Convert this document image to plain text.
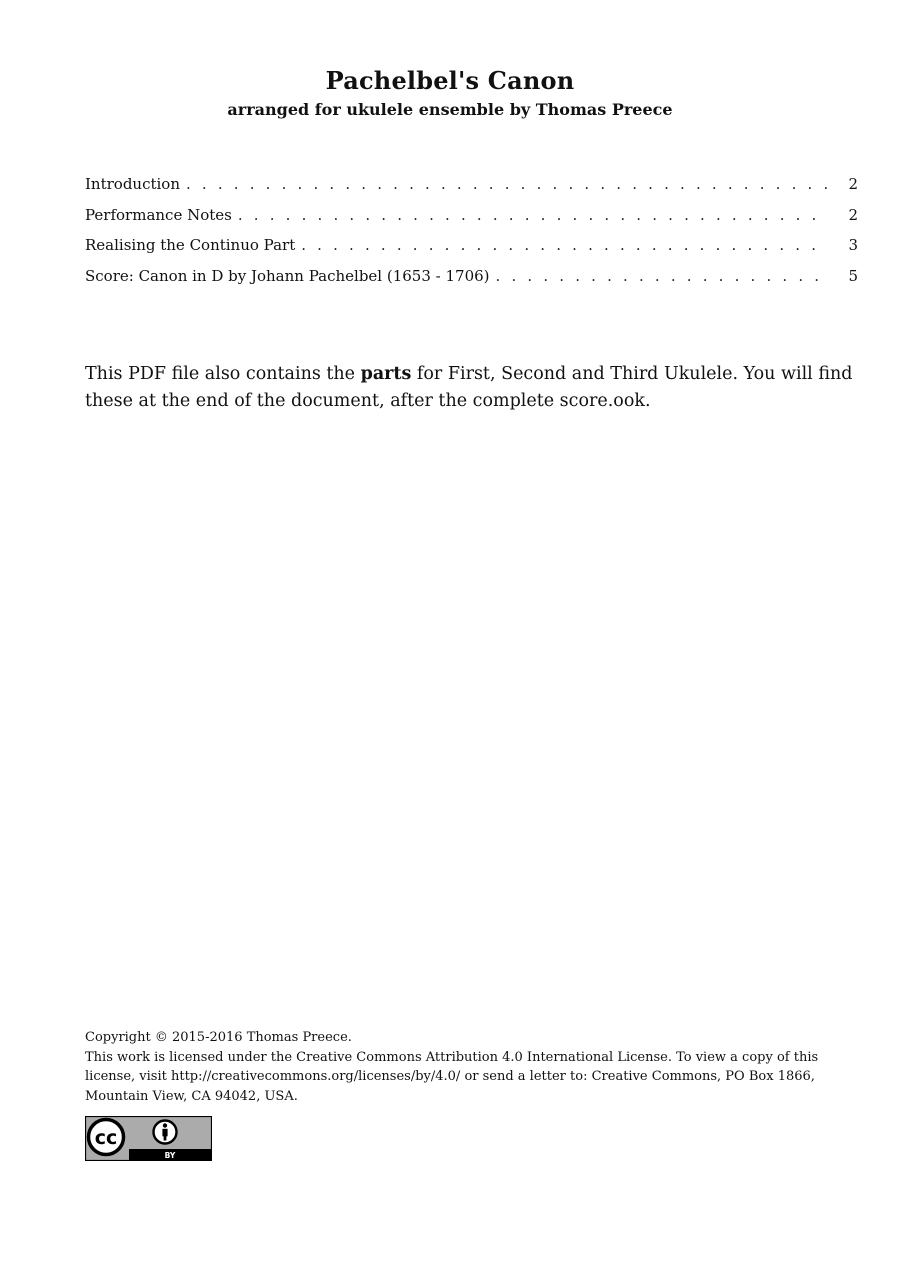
Pachelbel's Canon
arranged for ukulele ensemble by Thomas Preece
Introduction . . .	2
Performance Notes . . .	2
Realising the Continuo Part . . .	3
Score: Canon in D by Johann Pachelbel (1653 - 1706) . . .	5

This PDF file also contains the parts for First, Second and Third Ukulele. You will find these at the end of the document, after the complete score.ook.

Copyright © 2015-2016 Thomas Preece.
This work is licensed under the Creative Commons Attribution 4.0 International License. To view a copy of this license, visit http://creativecommons.org/licenses/by/4.0/ or send a letter to: Creative Commons, PO Box 1866, Mountain View, CA 94042, USA.
cc
BY
